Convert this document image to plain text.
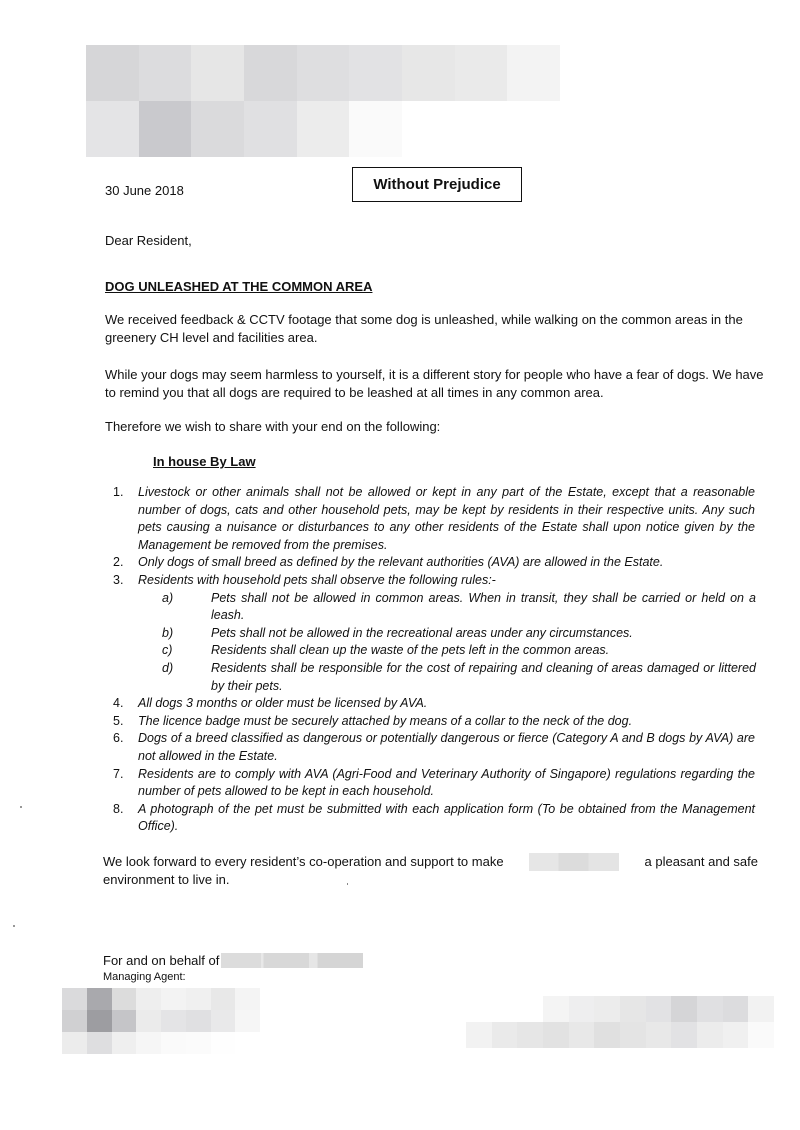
30 June 2018	Without Prejudice
Dear Resident,
DOG UNLEASHED AT THE COMMON AREA
We received feedback & CCTV footage that some dog is unleashed, while walking on the common areas in the greenery CH level and facilities area.
While your dogs may seem harmless to yourself, it is a different story for people who have a fear of dogs. We have to remind you that all dogs are required to be leashed at all times in any common area.
Therefore we wish to share with your end on the following:
In house By Law
1. Livestock or other animals shall not be allowed or kept in any part of the Estate, except that a reasonable number of dogs, cats and other household pets, may be kept by residents in their respective units. Any such pets causing a nuisance or disturbances to any other residents of the Estate shall upon notice given by the Management be removed from the premises.
2. Only dogs of small breed as defined by the relevant authorities (AVA) are allowed in the Estate.
3. Residents with household pets shall observe the following rules:-
a)	Pets shall not be allowed in common areas. When in transit, they shall be carried or held on a leash.
b)	Pets shall not be allowed in the recreational areas under any circumstances.
c)	Residents shall clean up the waste of the pets left in the common areas.
d)	Residents shall be responsible for the cost of repairing and cleaning of areas damaged or littered by their pets.
4. All dogs 3 months or older must be licensed by AVA.
5. The licence badge must be securely attached by means of a collar to the neck of the dog.
6. Dogs of a breed classified as dangerous or potentially dangerous or fierce (Category A and B dogs by AVA) are not allowed in the Estate.
7. Residents are to comply with AVA (Agri-Food and Veterinary Authority of Singapore) regulations regarding the number of pets allowed to be kept in each household.
8. A photograph of the pet must be submitted with each application form (To be obtained from the Management Office).
We look forward to every resident’s co-operation and support to make	a pleasant and safe
environment to live in.
For and on behalf of
Managing Agent:
